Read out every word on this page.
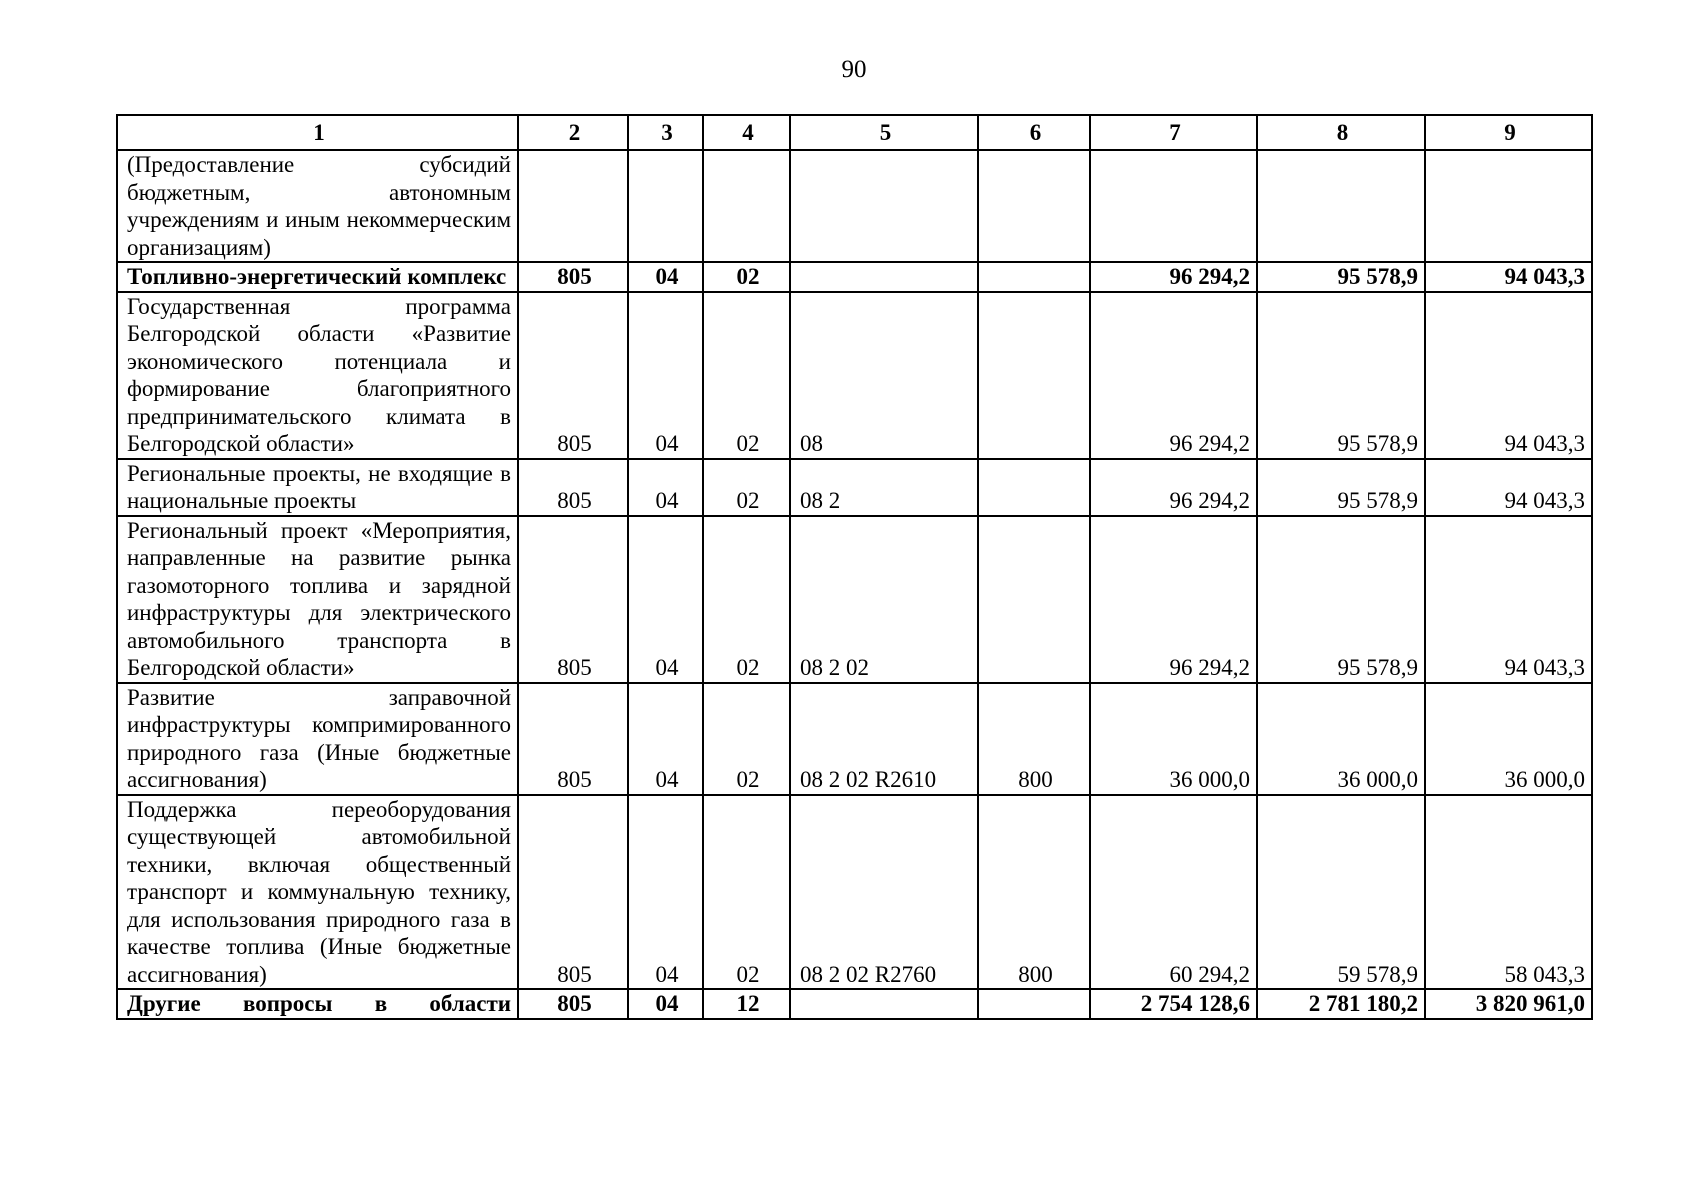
90
1	2	3	4	5	6	7	8	9
(Предоставление субсидий бюджетным, автономным учреждениям и иным некоммерческим организациям)								
Топливно-энергетический комплекс	805	04	02			96 294,2	95 578,9	94 043,3
Государственная программа Белгородской области «Развитие экономического потенциала и формирование благоприятного предпринимательского климата в Белгородской области»	805	04	02	08		96 294,2	95 578,9	94 043,3
Региональные проекты, не входящие в национальные проекты	805	04	02	08 2		96 294,2	95 578,9	94 043,3
Региональный проект «Мероприятия, направленные на развитие рынка газомоторного топлива и зарядной инфраструктуры для электрического автомобильного транспорта в Белгородской области»	805	04	02	08 2 02		96 294,2	95 578,9	94 043,3
Развитие заправочной инфраструктуры компримированного природного газа (Иные бюджетные ассигнования)	805	04	02	08 2 02 R2610	800	36 000,0	36 000,0	36 000,0
Поддержка переоборудования существующей автомобильной техники, включая общественный транспорт и коммунальную технику, для использования природного газа в качестве топлива (Иные бюджетные ассигнования)	805	04	02	08 2 02 R2760	800	60 294,2	59 578,9	58 043,3
Другие вопросы в области	805	04	12			2 754 128,6	2 781 180,2	3 820 961,0
